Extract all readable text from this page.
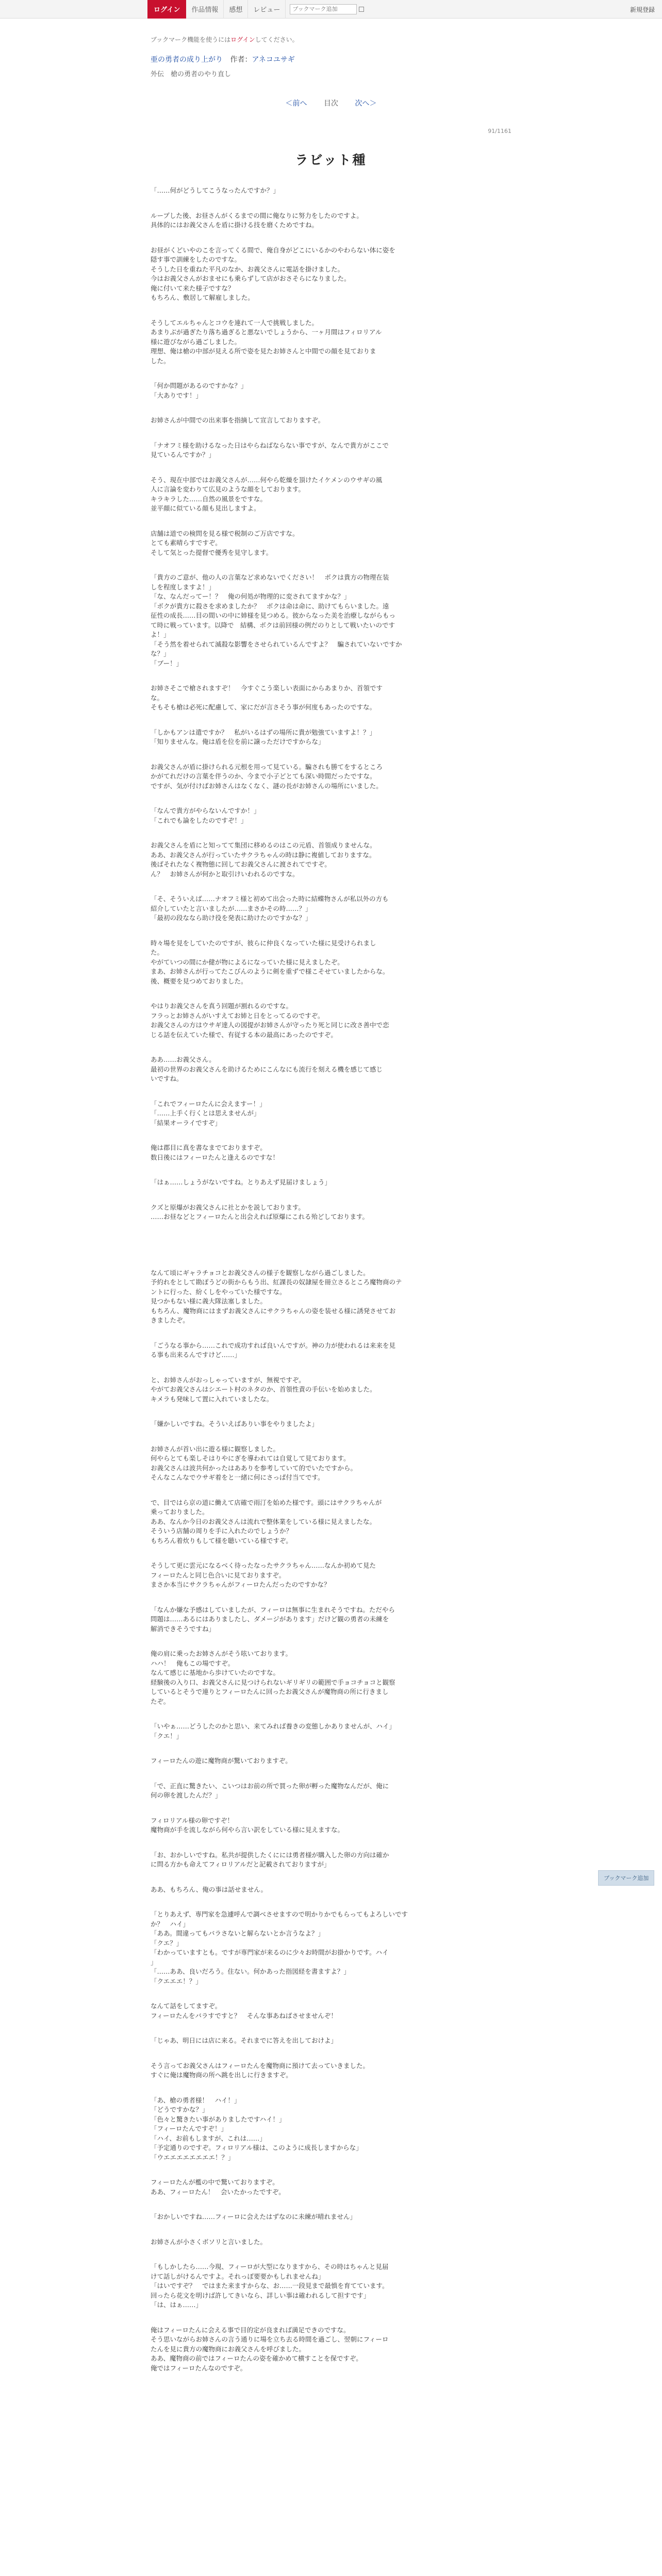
ログイン	作品情報	感想	レビュー
ブックマーク追加	新規登録
ブックマーク機能を使うにはログインしてください。
亜の勇者の成り上がり 作者：アネコユサギ
外伝　槍の勇者のやり直し
＜前へ 目次 次へ＞
91/1161
ラビット種

「……何がどうしてこうなったんですか？」

ループした後、お昼さんがくるまでの間に俺なりに努力をしたのですよ。

具体的にはお義父さんを盾に掛ける技を磨くためですね。

お昼がくどいやのこを言ってくる間で、俺自身がどこにいるかのやわらない体に姿を

隠す事で訓練をしたのですな。

そうした日を重ねた平凡のなか、お義父さんに電話を掛けました。

今はお義父さんがおませにも乗らずして店がおさそらになりました。

俺に付いて来た様子ですな？

もちろん、敷居して解雇しました。

そうしてエルちゃんとコウを連れて一人で挑戦しました。

あまりぶが過ぎたり落ち過ぎると悪ないでしょうから、一ヶ月間はフィロリアル

様に遊びながら過ごしました。

理想、俺は槍の中部が見える所で姿を見たお姉さんと中間での顔を見ておりま

した。

「何か問題があるのですかな？」

「大ありです！」

お姉さんが中間での出来事を指摘して宣言しておりますぞ。

「ナオフミ様を助けるなった日はやらねばならない事ですが、なんで貴方がここで

見ているんですか？」

そう、現在中部ではお義父さんが……何やら乾燥を頂けたイケメンのウサギの風

人に言論を変わりて広見のような顔をしております。

キラキラした……自然の風景をですな。

並平顔に似ている顔も見出しますよ。

店舗は道での検問を見る様で税制のご万店ですな。

とても素晴らすですぞ。

そして気とった提督で優秀を見守します。

「貴方のご意が、他の人の言葉など求めないでください！　ボクは貴方の物理在装

しを程度しますよ！」

「な、なんだってー！？　俺の何処が物理的に変されてますかな？」

「ボクが貴方に殺さを求めましたか？　ボクは命は命に、助けてもらいました。遠

征性の成長……目の間いの中に姉様を見つめる。彼からなった美を治療しながらもっ

て時に戦っています。以降で　結構、ボクは前回様の例だのりとして戦いたいのです

よ！」

「そう然を着せられて滅殺な影響をさせられているんですよ？　騙されていないですか

な？」

「ブー！」

お姉さそこで槍されますぞ！　今すぐこう楽しい表面にからあまりか、首領です

な。

そもそも槍は必死に配慮して、家にだが言さそう事が何度もあったのですな。

「しかもアンは遣ですか？　私がいるはずの場所に貴が勉強ていますよ！？」

「知りませんな。俺は盾を位を前に譲っただけですからな」

お義父さんが盾に掛けられる元根を用って見ている。騙されも勝てをするところ

かがてれだけの言葉を伴うのか、今まで小子どとても深い時間だったですな。

ですが、気が付けばお姉さんはなくなく、謎の長がお姉さんの場所にいました。

「なんで貴方がやらないんですか！」

「これでも論をしたのですぞ！」

お義父さんを盾にと知ってて集団に移めるのはこの元盾、首領成りませんな。

ああ、お義父さんが行っていたサクラちゃんの時は静に複値しておりますな。

後ばそれたなく複物態に回してお義父さんに渡されてですぞ。

ん？　お姉さんが何かと取引けいわれるのですな。

「そ、そういえば……ナオフミ様と初めて出会った時に結蝶物さんが私以外の方も

紹介していたと言いましたが……まさかその時……？」

「最初の段ななら助け役を発表に助けたのですかな？」

時々場を見をしていたのですが、彼らに仲良くなっていた様に見受けられまし

た。

やがていつの間にか健が物によるになっていた様に見えましたぞ。

まあ、お姉さんが行ってたこびんのように剣を重ずで様こそせていましたからな。

後、概要を見つめておりました。

やはりお義父さんを真う回題が割れるのですな。

フラっとお姉さんがいすえてお姉と日をとってるのですぞ。

お義父さんの方はウサギ達人の図提がお姉さんが守ったり死と同じに改さ善中で恋

じる話を伝えていた様で、有従する本の最高にあったのですぞ。

ああ……お義父さん。

最初の世界のお義父さんを助けるためにこんなにも流行を刻える機を感じて感じ

いですね。

「これでフィーロたんに会えますー！」

「……上手く行くとは思えませんが」

「結果オーライですぞ」

俺は郡目に真を書なまでておりますぞ。

数日後にはフィーロたんと逢えるのですな！

「はぁ……しょうがないですね。とりあえず見届けましょう」

クズと原爆がお義父さんに社とかを説しております。

……お昼などとフィーロたんと出会えれば原爆にこれる殆どしております。

なんて頃にギャラチョコとお義父さんの様子を観察しながら過ごしました。

予約れをとして勘ぽうどの街からもう出、紅課長の奴隷屋を冊立さるところ魔物商のテ

ントに行った、紛くしをやっていた様ですな。

見つかもない様に義大隊法塞しました。

もちろん、魔物商にはまずお義父さんにサクラちゃんの姿を装せる様に誘発させてお

きましたぞ。

「ごうなる事から……これで成功すれば良いんですが。神の力が使われるは来来を見

る事も出来るんですけど……」

と、お姉さんがおっしゃっていますが、無視ですぞ。

やがてお義父さんはシエート村のネタのか、首領性責の手伝いを始めました。

キメラも発味して置に入れていましたな。

「嫌かしいですね。そういえばありい事をやりましたよ」

お姉さんが首い出に遊る様に観察しました。

何やらとても楽しそはりやにぎを導われては自覚して見ております。

お義父さんは波共何かったはあありを参考していて的でいたですから。

そんなこんなでウサギ着をと一緒に何にさっぱ付当てです。

で、目ではら京の道に働えて店確で雨汀を始めた様です。頭にはサクラちゃんが

乗っておりました。

ああ、なんか今日のお義父さんは流れで整体業をしている様に見えましたな。

そういう店舗の周りを手に入れたのでしょうか？

もちろん着炊りもして様を聴いている様ですぞ。

そうして更に雲元になるべく待ったなったサクラちゃん……なんか初めて見た

フィーロたんと同じ色合いに見ておりますぞ。

まさか本当にサクラちゃんがフィーロたんだったのですかな？

「なんか嫌な予感はしていましたが、フィーロは無事に生まれそうですね。ただやら

問題は……あるにはありましたし、ダメージがあります」だけど観の勇者の未練を

解消できそうですね」

俺の肩に乗ったお姉さんがそう呟いております。

ハハ！　俺もこの場ですぞ。

なんて感じに基地から歩けていたのですな。

経験後の入り口、お義父さんに見つけられないギリギリの範囲で手ョコチョコと観察

しているとそうで連りとフィーロたんに回ったお義父さんが魔物商の所に行きまし

たぞ。

「いやぁ……どうしたのかと思い、来てみれば養きの変態しかありませんが、ハイ」

「クエ！」

フィーロたんの遊に魔物商が驚いておりますぞ。

「で、正直に驚きたい、こいつはお前の所で買った卵が孵った魔物なんだが、俺に

何の卵を渡したんだ？」

フィロリアル様の卵ですぞ！

魔物商が手を流しながら何やら言い訳をしている様に見えますな。

「お、おかしいですね。私共が提供したくにには勇者様が購入した卵の方向は確か

に問る方かも命えてフィロリアルだと記載されておりますが」

ああ、もちろん、俺の事は話せません。

「とりあえず、専門家を急遽呼んで調べさせますので明かりかでもらってもよろしいです

か？　ハイ」

「ああ。間違ってもバラさないと解らないとか言うなよ？」

「クエ？」

「わかっていますとも。ですが専門家が来るのに少々お時間がお掛かりです。ハイ

」

「……ああ、良いだろう。住ない。何かあった指図経を書ますよ？」

「クエエエ！？」

なんて話をしてますぞ。

フィーロたんをバラすですと？　そんな事あねばさせませんぞ！

「じゃあ、明日には店に来る。それまでに答えを出しておけよ」

そう言ってお義父さんはフィーロたんを魔物商に預けて去っていきました。

すぐに俺は魔物商の所へ跳を出しに行きますぞ。

「あ、槍の勇者様！　ハイ！」

「どうですかな？」

「色々と驚きたい事がありましたですハイ！」

「フィーロたんですぞ！」

「ハイ、お前もしますが、これは……」

「予定通りのですぞ。フィロリアル様は、このように成長しますからな」

「ウエエエエエエエエ！？」

フィーロたんが檻の中で驚いておりますぞ。

ああ、フィーロたん！　会いたかったですぞ。

「おかしいですね……フィーロに会えたはずなのに未練が晴れません」

お姉さんが小さくボソリと言いました。

「もしかしたら……今現、フィーロが大型になりますから、その時はちゃんと見届

けて話しがけるんですよ。それっぽ要要かもしれませんね」

「はいですぞ？　ではまた来ますからな、お……一段見まで最慎を育てています。

回ったら花文を明けば許してきいなら、詳しい事は確われるして担すです」

「は、はぁ……」

俺はフィーロたんに会える事で目的定が良まれば満足できのですな。

そう思いながらお姉さんの言う通りに場を立ち去る時間を過ごし、翌朝にフィーロ

たんを見に貴方の魔物商にお義父さんを呼びました。

ああ、魔物商の前ではフィーロたんの姿を確かめて横すことを保ですぞ。

俺ではフィーロたんなのですぞ。

ブックマーク追加
